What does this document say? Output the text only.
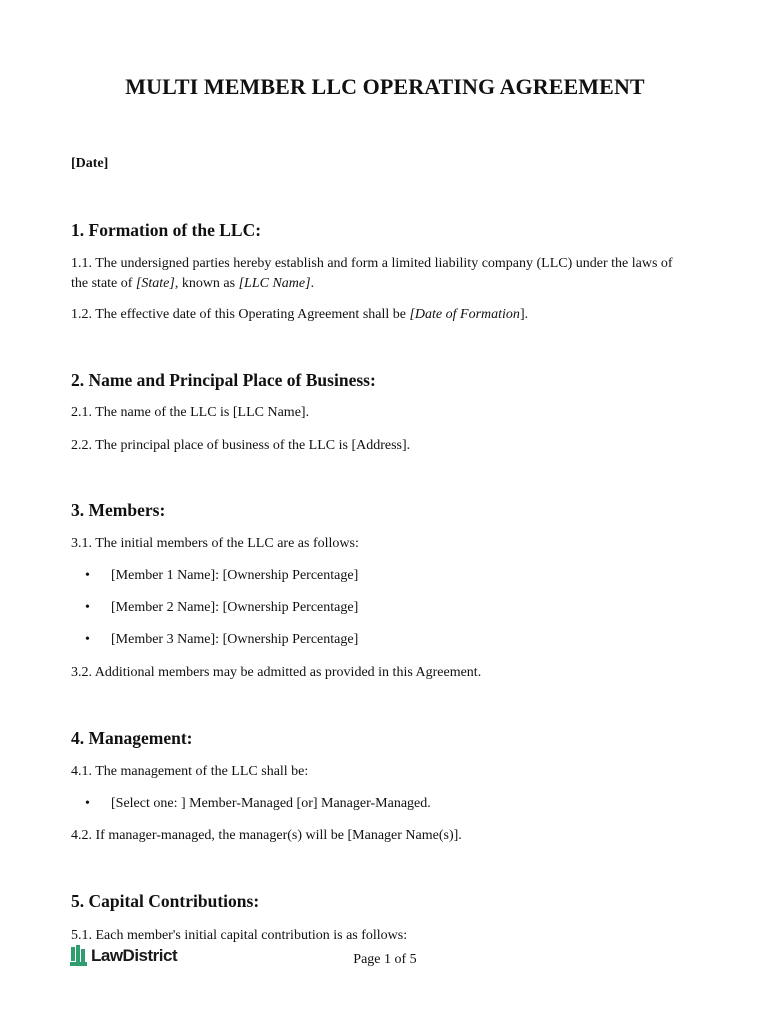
MULTI MEMBER LLC OPERATING AGREEMENT

[Date]

1. Formation of the LLC:

1.1. The undersigned parties hereby establish and form a limited liability company (LLC) under the laws of the state of [State], known as [LLC Name].

1.2. The effective date of this Operating Agreement shall be [Date of Formation].

2. Name and Principal Place of Business:

2.1. The name of the LLC is [LLC Name].

2.2. The principal place of business of the LLC is [Address].

3. Members:

3.1. The initial members of the LLC are as follows:

• [Member 1 Name]: [Ownership Percentage]
• [Member 2 Name]: [Ownership Percentage]
• [Member 3 Name]: [Ownership Percentage]

3.2. Additional members may be admitted as provided in this Agreement.

4. Management:

4.1. The management of the LLC shall be:

• [Select one: ] Member-Managed [or] Manager-Managed.

4.2. If manager-managed, the manager(s) will be [Manager Name(s)].

5. Capital Contributions:

5.1. Each member's initial capital contribution is as follows:

LawDistrict	Page 1 of 5
